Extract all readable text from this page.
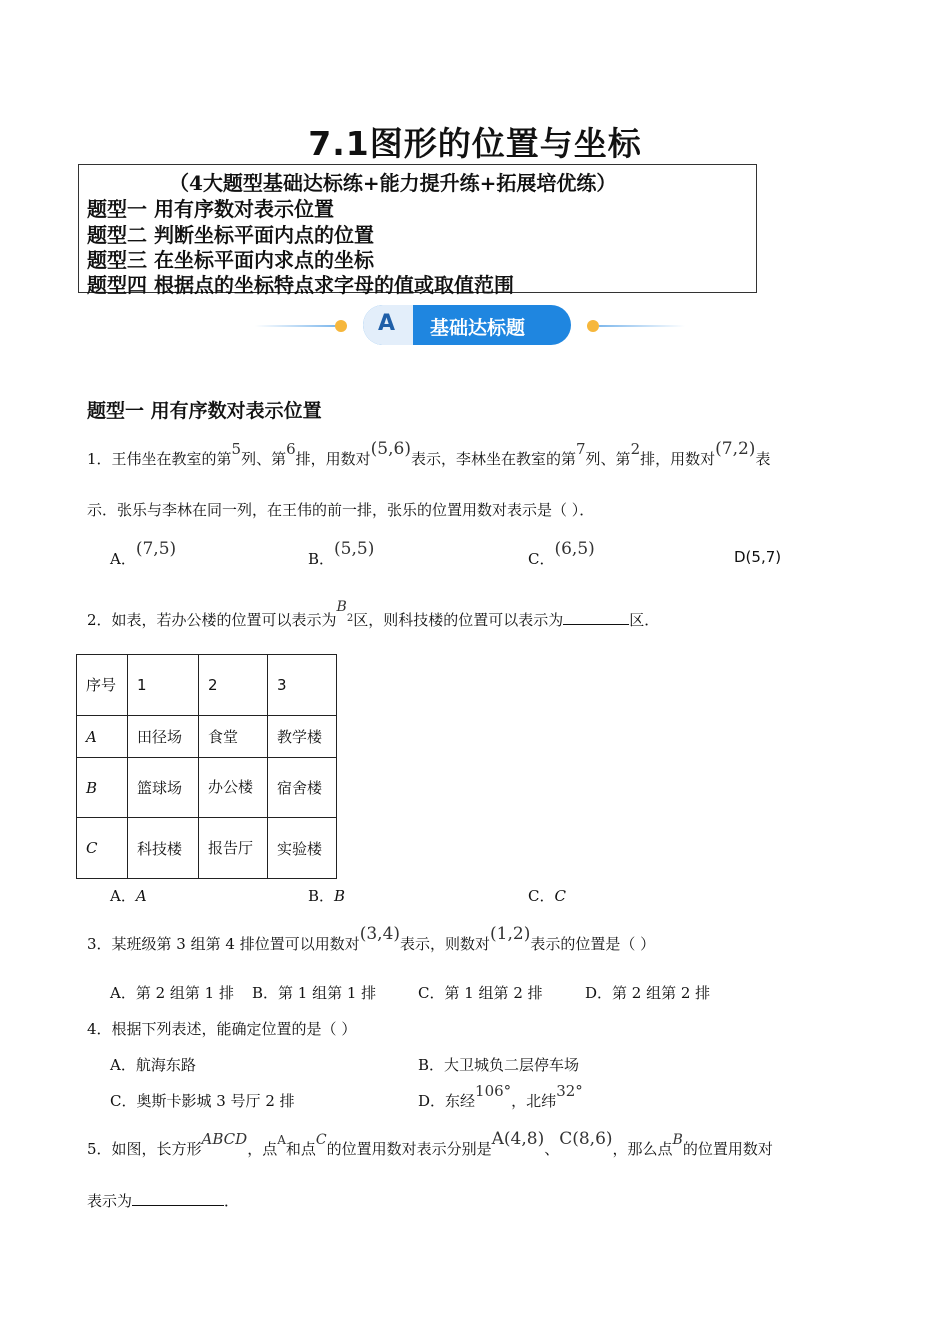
7.1图形的位置与坐标
（4大题型基础达标练+能力提升练+拓展培优练）
题型一 用有序数对表示位置
题型二 判断坐标平面内点的位置
题型三 在坐标平面内求点的坐标
题型四 根据点的坐标特点求字母的值或取值范围
A 基础达标题
题型一 用有序数对表示位置
1．王伟坐在教室的第5列、第6排，用数对(5,6)表示，李林坐在教室的第7列、第2排，用数对(7,2)表
示．张乐与李林在同一列，在王伟的前一排，张乐的位置用数对表示是（ ）．
A．(7,5)	B．(5,5)	C．(6,5)	D(5,7)
2．如表，若办公楼的位置可以表示为$B^2$区，则科技楼的位置可以表示为	区．
序号	1	2	3
A	田径场	食堂	教学楼
B	篮球场	办公楼	宿舍楼
C	科技楼	报告厅	实验楼
A．A	B．B	C．C
3．某班级第 3 组第 4 排位置可以用数对(3,4)表示，则数对(1,2)表示的位置是（ ）
A．第 2 组第 1 排 B．第 1 组第 1 排	C．第 1 组第 2 排	D．第 2 组第 2 排
4．根据下列表述，能确定位置的是（ ）
A．航海东路	B．大卫城负二层停车场
C．奥斯卡影城 3 号厅 2 排	D．东经106°，北纬32°
5．如图，长方形ABCD，点$^A$和点C的位置用数对表示分别是A(4,8)、C(8,6)，那么点B的位置用数对
表示为	．
